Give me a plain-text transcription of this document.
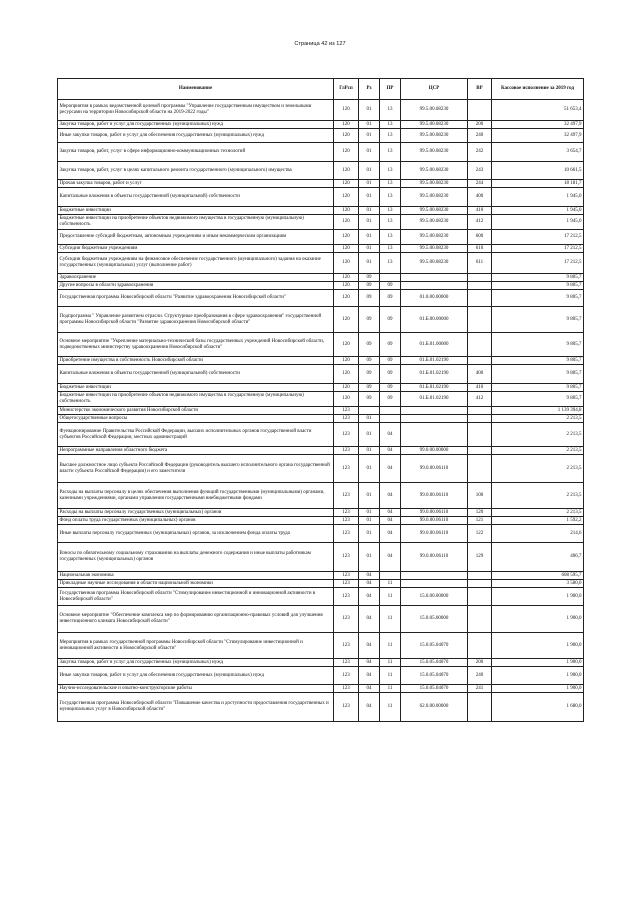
Страница 42 из 127
Наименование	ГлРсп	Рз	ПР	ЦСР	ВР	Кассовое исполнение за 2019 год
Мероприятия в рамках ведомственной целевой программы "Управление государственным имуществом и земельными ресурсами на территории Новосибирской области на 2019-2022 годы"	120	01	13	99.5.00.08230		51 653,4
Закупка товаров, работ и услуг для государственных (муниципальных) нужд	120	01	13	99.5.00.08230	200	32 497,9
Иные закупки товаров, работ и услуг для обеспечения государственных (муниципальных) нужд	120	01	13	99.5.00.08230	240	32 497,9
Закупка товаров, работ, услуг в сфере информационно-коммуникационных технологий	120	01	13	99.5.00.08230	242	3 654,7
Закупка товаров, работ, услуг в целях капитального ремонта государственного (муниципального) имущества	120	01	13	99.5.00.08230	243	10 661,5
Прочая закупка товаров, работ и услуг	120	01	13	99.5.00.08230	244	18 181,7
Капитальные вложения в объекты государственной (муниципальной) собственности	120	01	13	99.5.00.08230	400	1 945,0
Бюджетные инвестиции	120	01	13	99.5.00.08230	410	1 945,0
Бюджетные инвестиции на приобретение объектов недвижимого имущества в государственную (муниципальную) собственность	120	01	13	99.5.00.08230	412	1 945,0
Предоставление субсидий бюджетным, автономным учреждениям и иным некоммерческим организациям	120	01	13	99.5.00.08230	600	17 212,5
Субсидии бюджетным учреждениям	120	01	13	99.5.00.08230	610	17 212,5
Субсидии бюджетным учреждениям на финансовое обеспечение государственного (муниципального) задания на оказание государственных (муниципальных) услуг (выполнение работ)	120	01	13	99.5.00.08230	611	17 212,5
Здравоохранение	120	09				9 805,7
Другие вопросы в области здравоохранения	120	09	09			9 805,7
Государственная программа Новосибирской области "Развитие здравоохранения Новосибирской области"	120	09	09	01.0.00.00000		9 805,7
Подпрограмма " Управление развитием отрасли. Структурные преобразования в сфере здравоохранения" государственной программы Новосибирской области "Развитие здравоохранения Новосибирской области"	120	09	09	01.Б.00.00000		9 805,7
Основное мероприятие "Укрепление материально-технической базы государственных учреждений Новосибирской области, подведомственных министерству здравоохранения Новосибирской области"	120	09	09	01.Б.01.00000		9 805,7
Приобретение имущества в собственность Новосибирской области	120	09	09	01.Б.01.02190		9 805,7
Капитальные вложения в объекты государственной (муниципальной) собственности	120	09	09	01.Б.01.02190	400	9 805,7
Бюджетные инвестиции	120	09	09	01.Б.01.02190	410	9 805,7
Бюджетные инвестиции на приобретение объектов недвижимого имущества в государственную (муниципальную) собственность	120	09	09	01.Б.01.02190	412	9 805,7
Министерство экономического развития Новосибирской области	123					1 139 394,8
Общегосударственные вопросы	123	01				2 213,5
Функционирование Правительства Российской Федерации, высших исполнительных органов государственной власти субъектов Российской Федерации, местных администраций	123	01	04			2 213,5
Непрограммные направления областного бюджета	123	01	04	99.0.00.00000		2 213,5
Высшее должностное лицо субъекта Российской Федерации (руководитель высшего исполнительного органа государственной власти субъекта Российской Федерации) и его заместители	123	01	04	99.0.00.06110		2 213,5
Расходы на выплаты персоналу в целях обеспечения выполнения функций государственными (муниципальными) органами, казенными учреждениями, органами управления государственными внебюджетными фондами	123	01	04	99.0.00.06110	100	2 213,5
Расходы на выплаты персоналу государственных (муниципальных) органов	123	01	04	99.0.00.06110	120	2 213,5
Фонд оплаты труда государственных (муниципальных) органов	123	01	04	99.0.00.06110	121	1 592,2
Иные выплаты персоналу государственных (муниципальных) органов, за исключением фонда оплаты труда	123	01	04	99.0.00.06110	122	214,6
Взносы по обязательному социальному страхованию на выплаты денежного содержания и иные выплаты работникам государственных (муниципальных) органов	123	01	04	99.0.00.06110	129	406,7
Национальная экономика	123	04				608 595,7
Прикладные научные исследования в области национальной экономики	123	04	11			3 580,0
Государственная программа Новосибирской области "Стимулирование инвестиционной и инновационной активности в Новосибирской области"	123	04	11	15.0.00.00000		1 900,0
Основное мероприятие "Обеспечение комплекса мер по формированию организационно-правовых условий для улучшения инвестиционного климата Новосибирской области"	123	04	11	15.0.05.00000		1 900,0
Мероприятия в рамках государственной программы Новосибирской области "Стимулирование инвестиционной и инновационной активности в Новосибирской области"	123	04	11	15.0.05.04070		1 900,0
Закупка товаров, работ и услуг для государственных (муниципальных) нужд	123	04	11	15.0.05.04070	200	1 900,0
Иные закупки товаров, работ и услуг для обеспечения государственных (муниципальных) нужд	123	04	11	15.0.05.04070	240	1 900,0
Научно-исследовательские и опытно-конструкторские работы	123	04	11	15.0.05.04070	241	1 900,0
Государственная программа Новосибирской области "Повышение качества и доступности предоставления государственных и муниципальных услуг в Новосибирской области"	123	04	11	62.0.00.00000		1 680,0
